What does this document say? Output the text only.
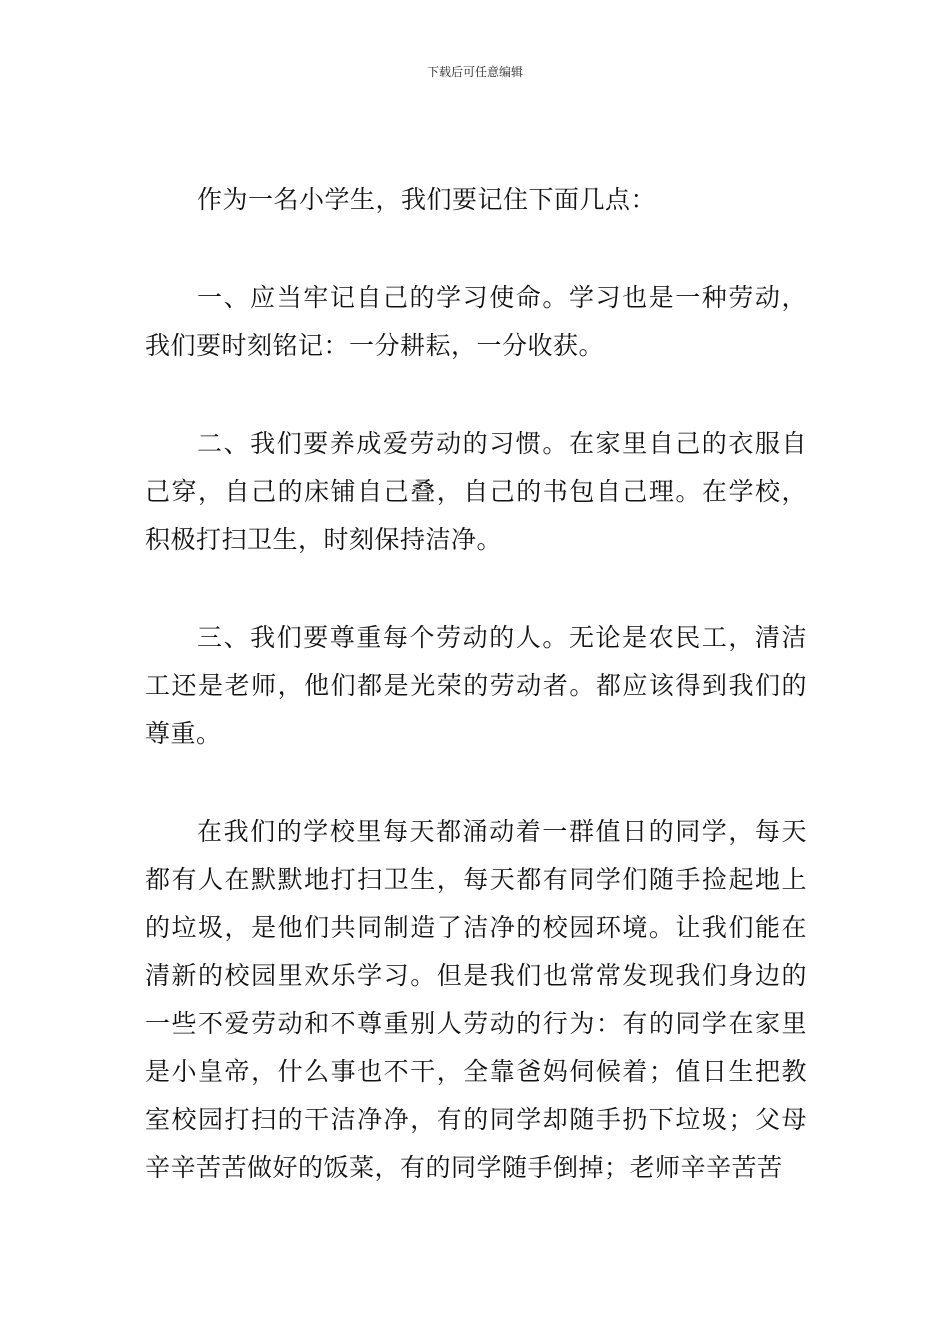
下载后可任意编辑

作为一名小学生，我们要记住下面几点：

一、应当牢记自己的学习使命。学习也是一种劳动，我们要时刻铭记：一分耕耘，一分收获。

二、我们要养成爱劳动的习惯。在家里自己的衣服自己穿，自己的床铺自己叠，自己的书包自己理。在学校，积极打扫卫生，时刻保持洁净。

三、我们要尊重每个劳动的人。无论是农民工，清洁工还是老师，他们都是光荣的劳动者。都应该得到我们的尊重。

在我们的学校里每天都涌动着一群值日的同学，每天都有人在默默地打扫卫生，每天都有同学们随手捡起地上的垃圾，是他们共同制造了洁净的校园环境。让我们能在清新的校园里欢乐学习。但是我们也常常发现我们身边的一些不爱劳动和不尊重别人劳动的行为：有的同学在家里是小皇帝，什么事也不干，全靠爸妈伺候着；值日生把教室校园打扫的干洁净净，有的同学却随手扔下垃圾；父母辛辛苦苦做好的饭菜，有的同学随手倒掉；老师辛辛苦苦
